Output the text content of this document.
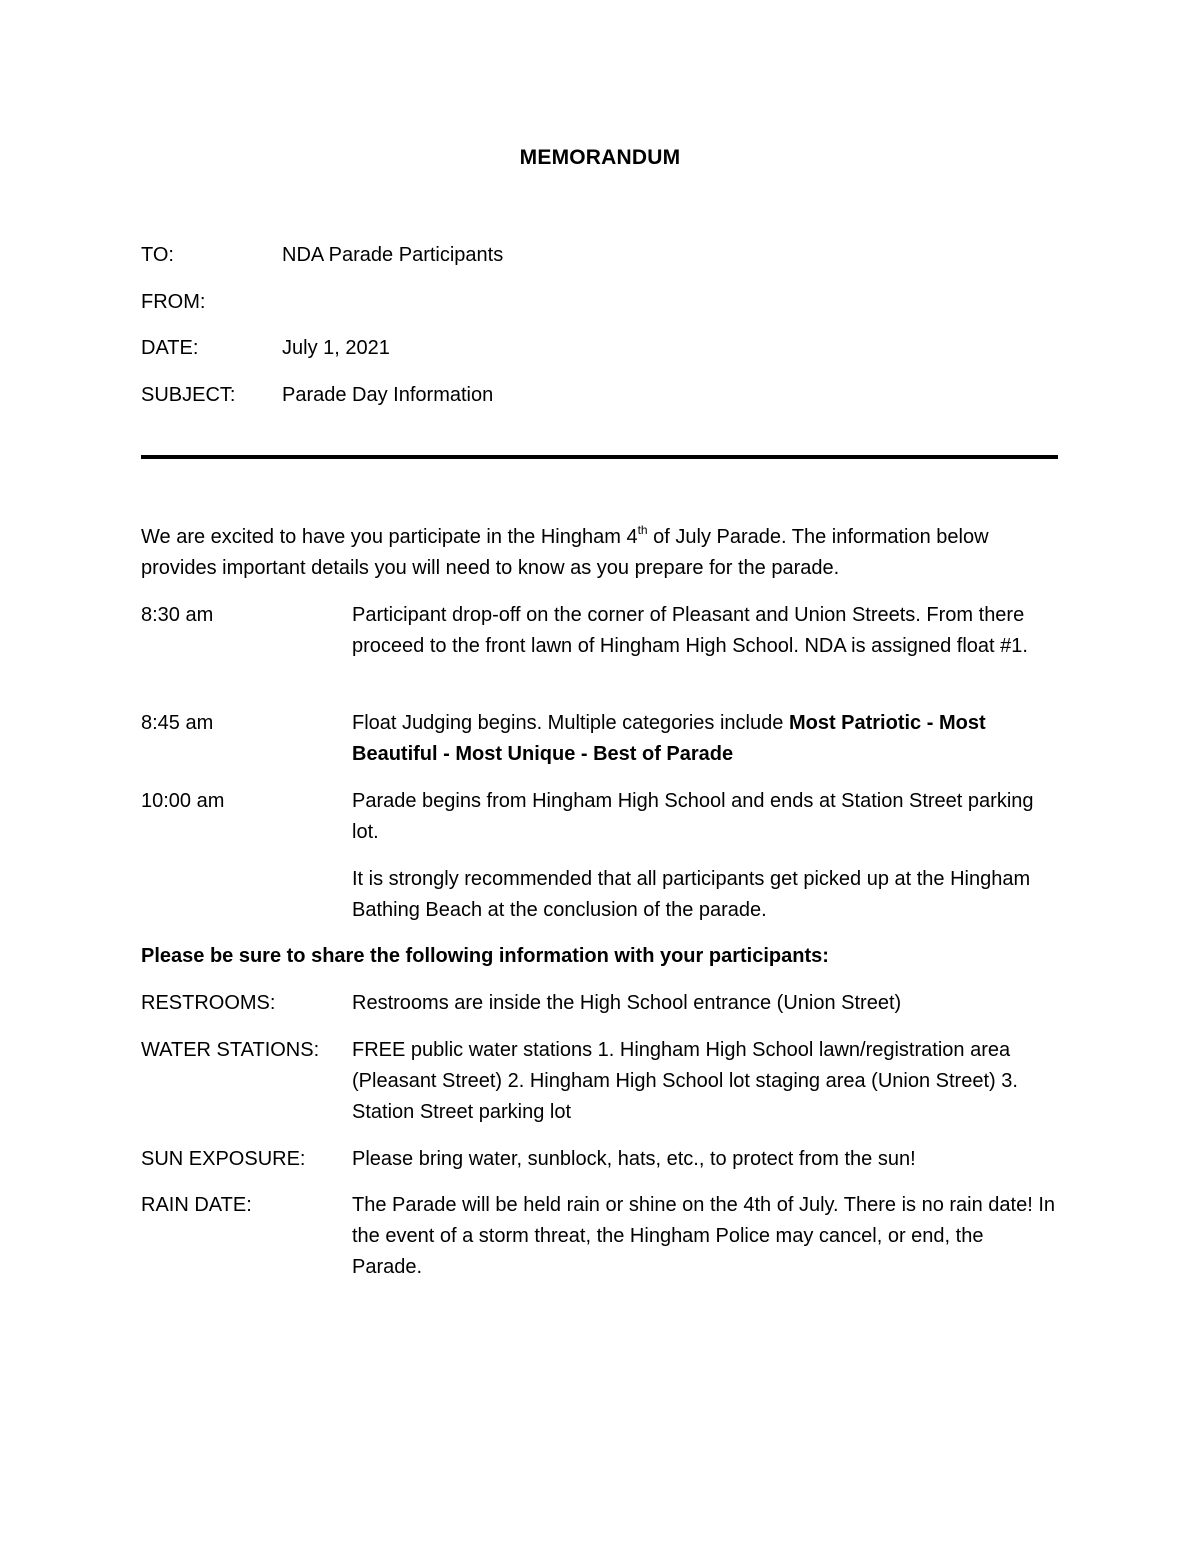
MEMORANDUM
TO:	NDA Parade Participants
FROM:
DATE:	July 1, 2021
SUBJECT: Parade Day Information
We are excited to have you participate in the Hingham 4th of July Parade. The information below provides important details you will need to know as you prepare for the parade.
8:30 am	Participant drop-off on the corner of Pleasant and Union Streets. From there proceed to the front lawn of Hingham High School. NDA is assigned float #1.
8:45 am	Float Judging begins. Multiple categories include Most Patriotic - Most Beautiful - Most Unique - Best of Parade
10:00 am	Parade begins from Hingham High School and ends at Station Street parking lot.
It is strongly recommended that all participants get picked up at the Hingham Bathing Beach at the conclusion of the parade.
Please be sure to share the following information with your participants:
RESTROOMS:	Restrooms are inside the High School entrance (Union Street)
WATER STATIONS:	FREE public water stations 1. Hingham High School lawn/registration area (Pleasant Street) 2. Hingham High School lot staging area (Union Street) 3. Station Street parking lot
SUN EXPOSURE:	Please bring water, sunblock, hats, etc., to protect from the sun!
RAIN DATE:	The Parade will be held rain or shine on the 4th of July. There is no rain date! In the event of a storm threat, the Hingham Police may cancel, or end, the Parade.
